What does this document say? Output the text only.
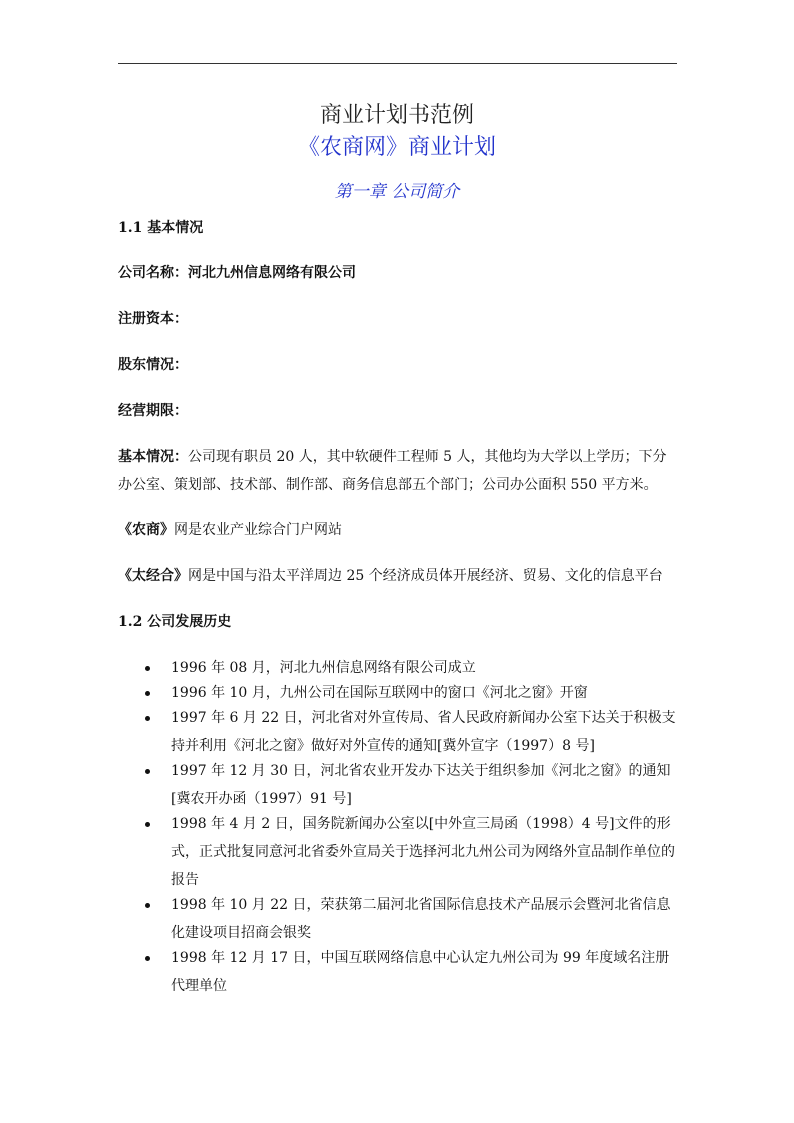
商业计划书范例
《农商网》商业计划
第一章 公司简介
1.1 基本情况
公司名称：河北九州信息网络有限公司
注册资本：
股东情况：
经营期限：
基本情况：公司现有职员 20 人，其中软硬件工程师 5 人，其他均为大学以上学历；下分办公室、策划部、技术部、制作部、商务信息部五个部门；公司办公面积 550 平方米。
《农商》网是农业产业综合门户网站
《太经合》网是中国与沿太平洋周边 25 个经济成员体开展经济、贸易、文化的信息平台
1.2 公司发展历史
1996 年 08 月，河北九州信息网络有限公司成立
1996 年 10 月，九州公司在国际互联网中的窗口《河北之窗》开窗
1997 年 6 月 22 日，河北省对外宣传局、省人民政府新闻办公室下达关于积极支持并利用《河北之窗》做好对外宣传的通知[冀外宣字（1997）8 号]
1997 年 12 月 30 日，河北省农业开发办下达关于组织参加《河北之窗》的通知[冀农开办函（1997）91 号]
1998 年 4 月 2 日，国务院新闻办公室以[中外宣三局函（1998）4 号]文件的形式，正式批复同意河北省委外宣局关于选择河北九州公司为网络外宣品制作单位的报告
1998 年 10 月 22 日，荣获第二届河北省国际信息技术产品展示会暨河北省信息化建设项目招商会银奖
1998 年 12 月 17 日，中国互联网络信息中心认定九州公司为 99 年度域名注册代理单位
